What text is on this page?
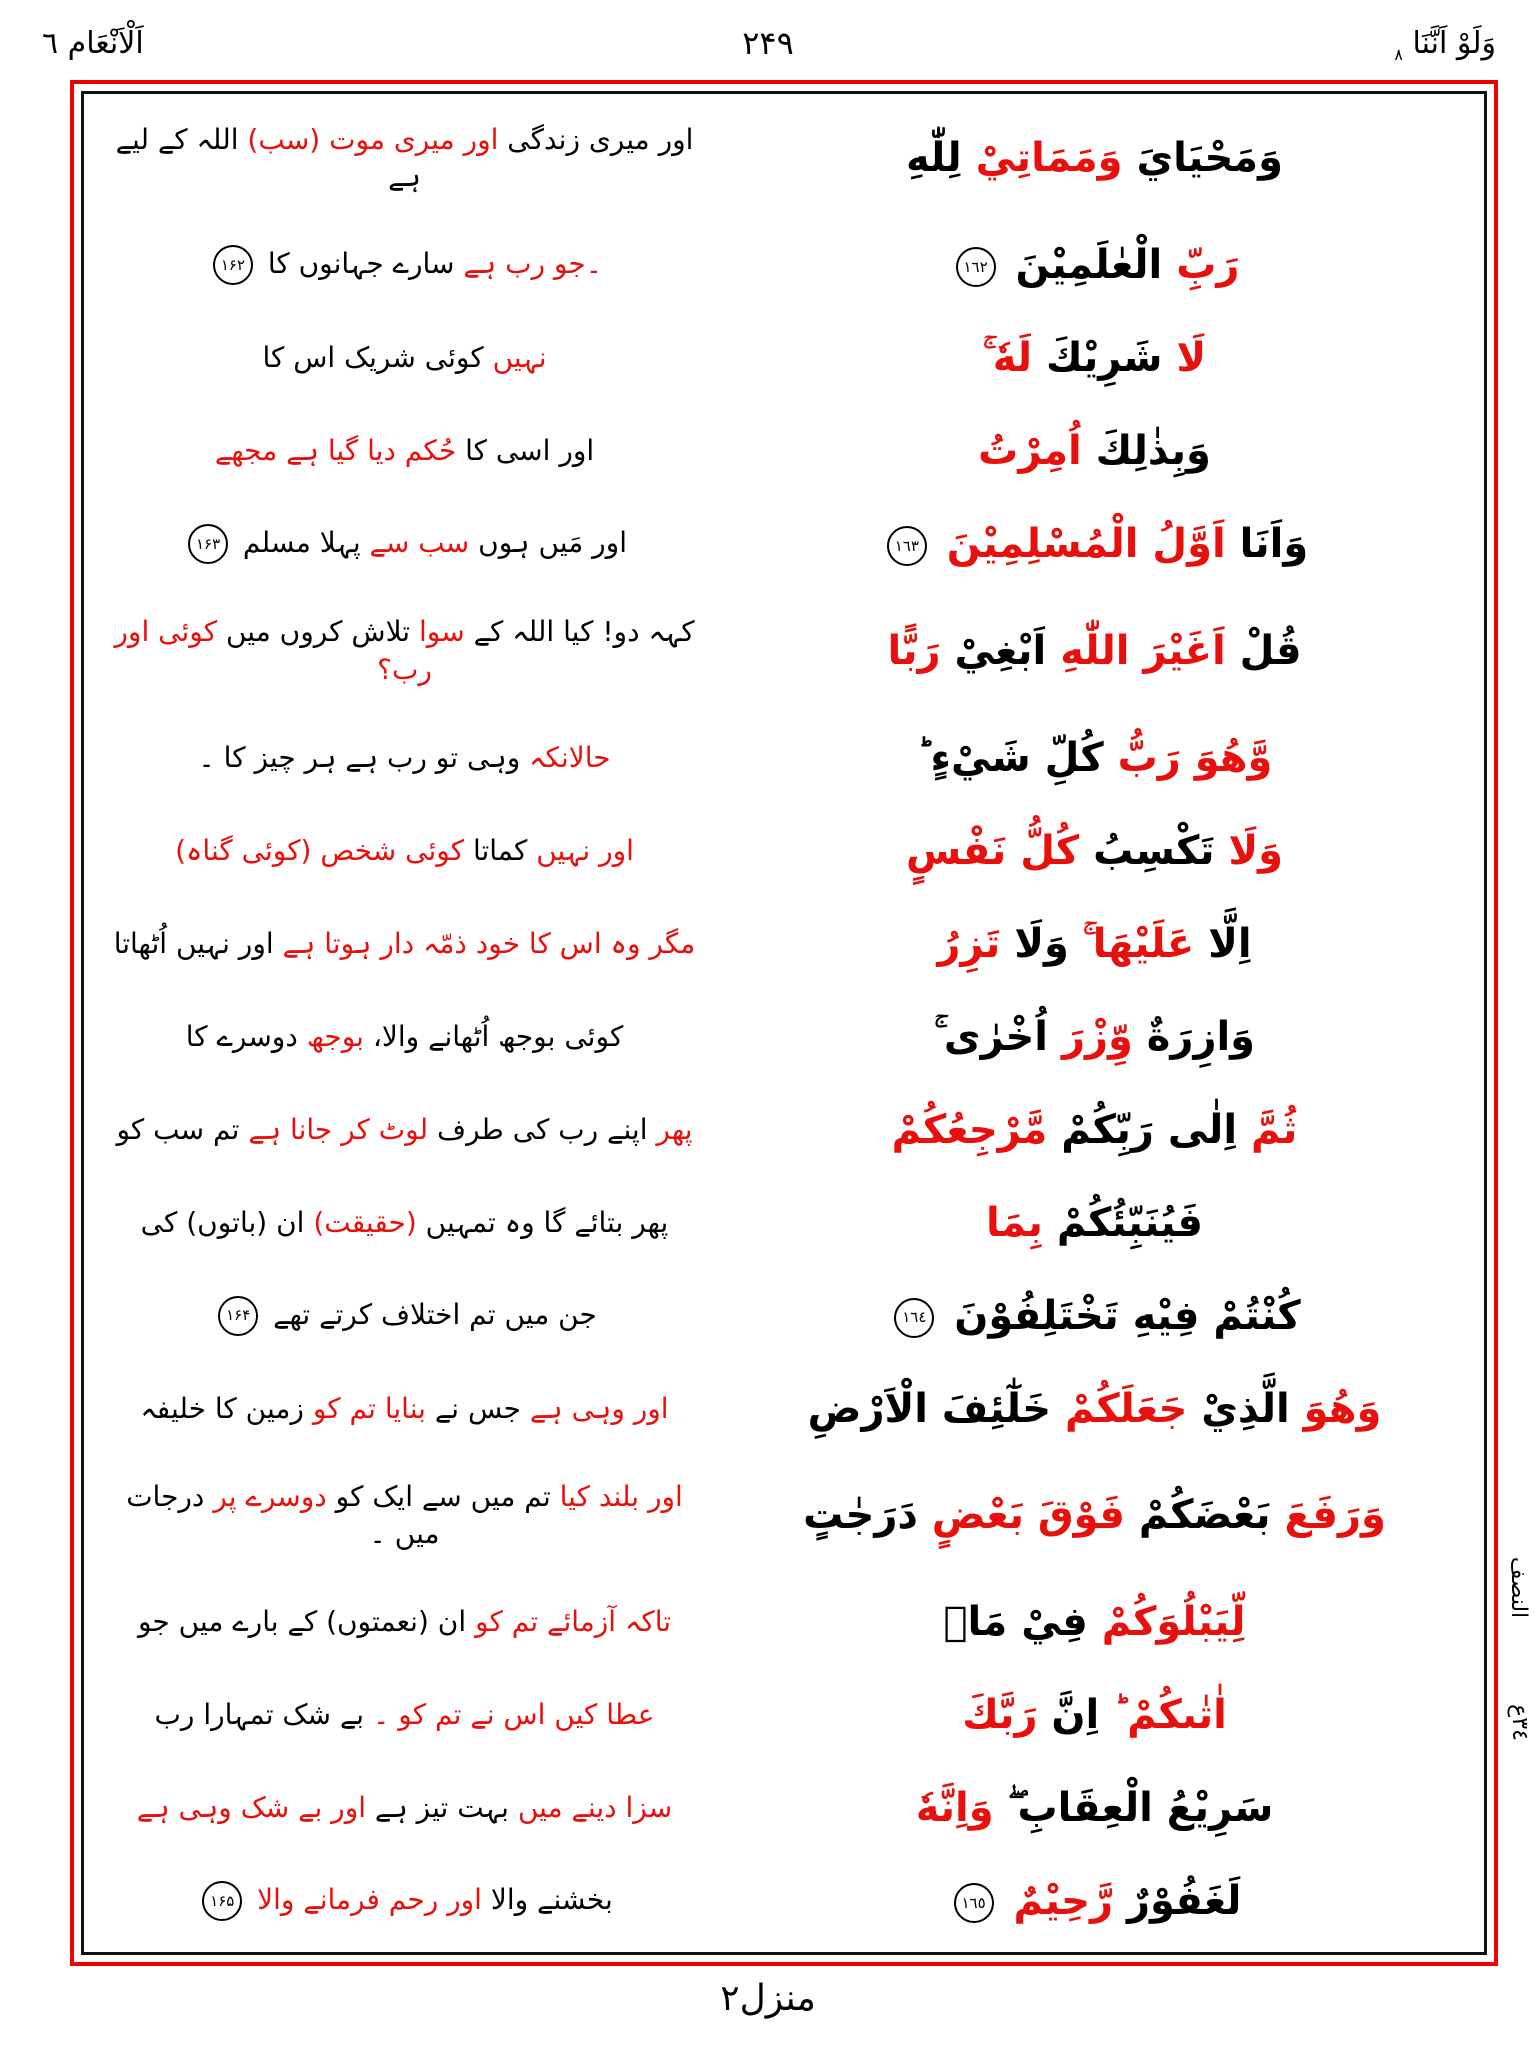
اَلْاَنْعَام ٦	۲۴۹	وَلَوْ اَنَّنَا $_۸$
اور میری زندگی اور میری موت (سب) اللہ کے لیے ہے	وَمَحْيَايَ وَمَمَاتِيْ لِلّٰهِ
۔جو رب ہے سارے جہانوں کا ۱۶۲	رَبِّ الْعٰلَمِيْنَ ١٦٢
نہیں کوئی شریک اس کا	لَا شَرِيْكَ لَهٗ ۚ
اور اسی کا حُکم دیا گیا ہے مجھے	وَبِذٰلِكَ اُمِرْتُ
اور مَیں ہوں سب سے پہلا مسلم ۱۶۳	وَاَنَا اَوَّلُ الْمُسْلِمِيْنَ ١٦٣
کہہ دو! کیا اللہ کے سوا تلاش کروں میں کوئی اور رب؟	قُلْ اَغَيْرَ اللّٰهِ اَبْغِيْ رَبًّا
حالانکہ وہی تو رب ہے ہر چیز کا ۔	وَّهُوَ رَبُّ كُلِّ شَيْءٍ ؕ
اور نہیں کماتا کوئی شخص (کوئی گناہ)	وَلَا تَكْسِبُ كُلُّ نَفْسٍ
مگر وہ اس کا خود ذمّہ دار ہوتا ہے اور نہیں اُٹھاتا	اِلَّا عَلَيْهَا ۚ وَلَا تَزِرُ
کوئی بوجھ اُٹھانے والا، بوجھ دوسرے کا	وَازِرَةٌ وِّزْرَ اُخْرٰى ۚ
پھر اپنے رب کی طرف لوٹ کر جانا ہے تم سب کو	ثُمَّ اِلٰى رَبِّكُمْ مَّرْجِعُكُمْ
پھر بتائے گا وہ تمہیں (حقیقت) ان (باتوں) کی	فَيُنَبِّئُكُمْ بِمَا
جن میں تم اختلاف کرتے تھے ۱۶۴	كُنْتُمْ فِيْهِ تَخْتَلِفُوْنَ ١٦٤
اور وہی ہے جس نے بنایا تم کو زمین کا خلیفہ	وَهُوَ الَّذِيْ جَعَلَكُمْ خَلٰٓئِفَ الْاَرْضِ
اور بلند کیا تم میں سے ایک کو دوسرے پر درجات میں ۔	وَرَفَعَ بَعْضَكُمْ فَوْقَ بَعْضٍ دَرَجٰتٍ
تاکہ آزمائے تم کو ان (نعمتوں) کے بارے میں جو	لِّيَبْلُوَكُمْ فِيْ مَاۤ
عطا کیں اس نے تم کو ۔ بے شک تمہارا رب	اٰتٰىكُمْ ؕ اِنَّ رَبَّكَ
سزا دینے میں بہت تیز ہے اور بے شک وہی ہے	سَرِيْعُ الْعِقَابِ ۖ وَاِنَّهٗ
بخشنے والا اور رحم فرمانے والا ۱۶۵	لَغَفُوْرٌ رَّحِيْمٌ ١٦٥
النصف
٣٤ع
منزل۲
